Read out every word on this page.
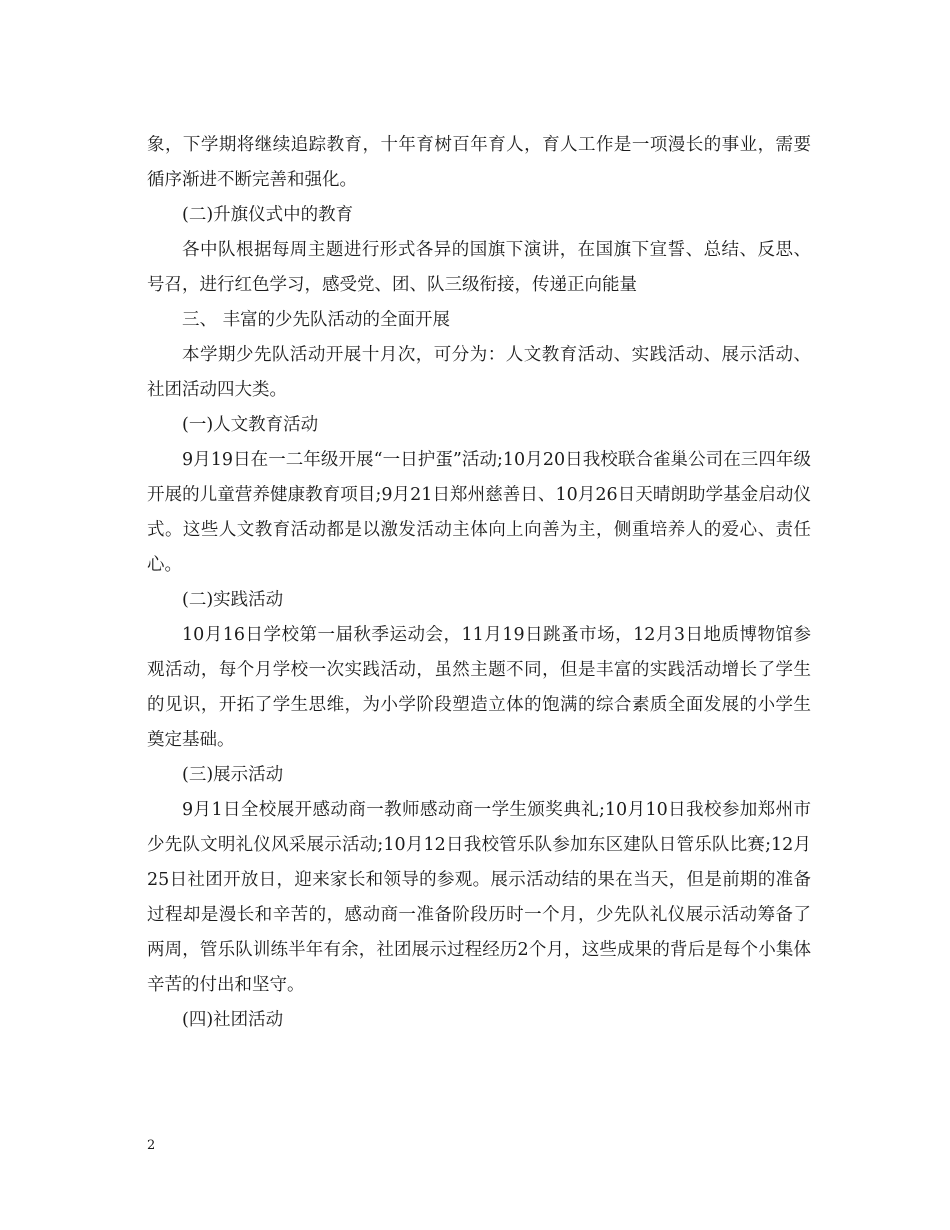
象，下学期将继续追踪教育，十年育树百年育人，育人工作是一项漫长的事业，需要循序渐进不断完善和强化。

(二)升旗仪式中的教育

各中队根据每周主题进行形式各异的国旗下演讲，在国旗下宣誓、总结、反思、号召，进行红色学习，感受党、团、队三级衔接，传递正向能量

三、 丰富的少先队活动的全面开展

本学期少先队活动开展十月次，可分为：人文教育活动、实践活动、展示活动、社团活动四大类。

(一)人文教育活动

9月19日在一二年级开展“一日护蛋”活动;10月20日我校联合雀巢公司在三四年级开展的儿童营养健康教育项目;9月21日郑州慈善日、10月26日天晴朗助学基金启动仪式。这些人文教育活动都是以激发活动主体向上向善为主，侧重培养人的爱心、责任心。

(二)实践活动

10月16日学校第一届秋季运动会，11月19日跳蚤市场，12月3日地质博物馆参观活动，每个月学校一次实践活动，虽然主题不同，但是丰富的实践活动增长了学生的见识，开拓了学生思维，为小学阶段塑造立体的饱满的综合素质全面发展的小学生奠定基础。

(三)展示活动

9月1日全校展开感动商一教师感动商一学生颁奖典礼;10月10日我校参加郑州市少先队文明礼仪风采展示活动;10月12日我校管乐队参加东区建队日管乐队比赛;12月25日社团开放日，迎来家长和领导的参观。展示活动结的果在当天，但是前期的准备过程却是漫长和辛苦的，感动商一准备阶段历时一个月，少先队礼仪展示活动筹备了两周，管乐队训练半年有余，社团展示过程经历2个月，这些成果的背后是每个小集体辛苦的付出和坚守。

(四)社团活动

2
